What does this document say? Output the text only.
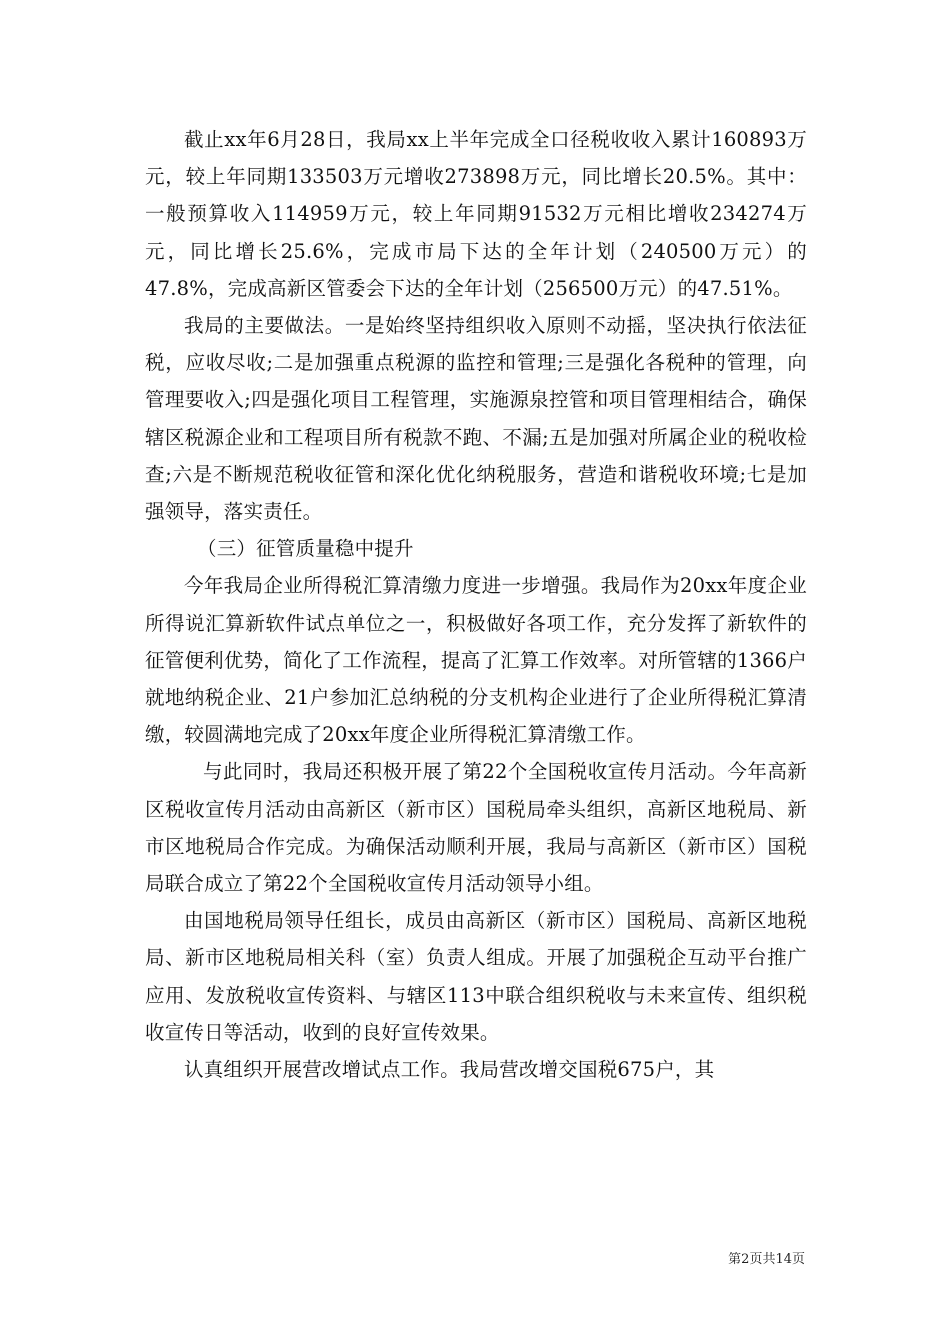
截止xx年6月28日，我局xx上半年完成全口径税收收入累计160893万元，较上年同期133503万元增收273898万元，同比增长20.5%。其中：一般预算收入114959万元，较上年同期91532万元相比增收234274万元，同比增长25.6%，完成市局下达的全年计划（240500万元）的47.8%，完成高新区管委会下达的全年计划（256500万元）的47.51%。

我局的主要做法。一是始终坚持组织收入原则不动摇，坚决执行依法征税，应收尽收;二是加强重点税源的监控和管理;三是强化各税种的管理，向管理要收入;四是强化项目工程管理，实施源泉控管和项目管理相结合，确保辖区税源企业和工程项目所有税款不跑、不漏;五是加强对所属企业的税收检查;六是不断规范税收征管和深化优化纳税服务，营造和谐税收环境;七是加强领导，落实责任。

（三）征管质量稳中提升

今年我局企业所得税汇算清缴力度进一步增强。我局作为20xx年度企业所得说汇算新软件试点单位之一，积极做好各项工作，充分发挥了新软件的征管便利优势，简化了工作流程，提高了汇算工作效率。对所管辖的1366户就地纳税企业、21户参加汇总纳税的分支机构企业进行了企业所得税汇算清缴，较圆满地完成了20xx年度企业所得税汇算清缴工作。

与此同时，我局还积极开展了第22个全国税收宣传月活动。今年高新区税收宣传月活动由高新区（新市区）国税局牵头组织，高新区地税局、新市区地税局合作完成。为确保活动顺利开展，我局与高新区（新市区）国税局联合成立了第22个全国税收宣传月活动领导小组。

由国地税局领导任组长，成员由高新区（新市区）国税局、高新区地税局、新市区地税局相关科（室）负责人组成。开展了加强税企互动平台推广应用、发放税收宣传资料、与辖区113中联合组织税收与未来宣传、组织税收宣传日等活动，收到的良好宣传效果。

认真组织开展营改增试点工作。我局营改增交国税675户，其

第2页共14页
